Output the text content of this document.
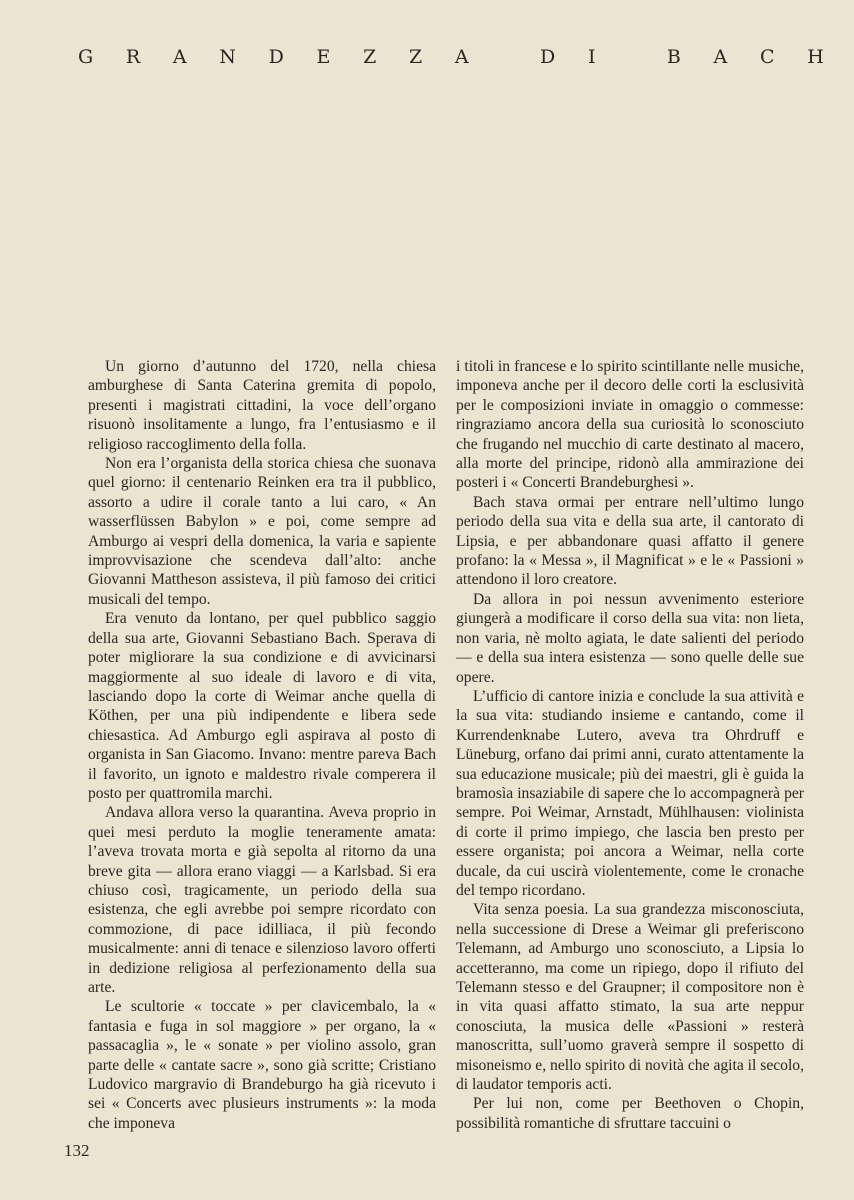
G R A N D E Z Z A
	D I
	B A C H

Un giorno d’autunno del 1720, nella chiesa amburghese di Santa Caterina gremita di popolo, presenti i magistrati cittadini, la voce dell’organo risuonò insolitamente a lungo, fra l’entusiasmo e il religioso raccoglimento della folla.

Non era l’organista della storica chiesa che suonava quel giorno: il centenario Reinken era tra il pubblico, assorto a udire il corale tanto a lui caro, « An wasserflüssen Babylon » e poi, come sempre ad Amburgo ai vespri della domenica, la varia e sapiente improvvisazione che scendeva dall’alto: anche Giovanni Mattheson assisteva, il più famoso dei critici musicali del tempo.

Era venuto da lontano, per quel pubblico saggio della sua arte, Giovanni Sebastiano Bach. Sperava di poter migliorare la sua condizione e di avvicinarsi maggiormente al suo ideale di lavoro e di vita, lasciando dopo la corte di Weimar anche quella di Köthen, per una più indipendente e libera sede chiesastica. Ad Amburgo egli aspirava al posto di organista in San Giacomo. Invano: mentre pareva Bach il favorito, un ignoto e maldestro rivale comperera il posto per quattromila marchi.

Andava allora verso la quarantina. Aveva proprio in quei mesi perduto la moglie teneramente amata: l’aveva trovata morta e già sepolta al ritorno da una breve gita — allora erano viaggi — a Karlsbad. Si era chiuso così, tragicamente, un periodo della sua esistenza, che egli avrebbe poi sempre ricordato con commozione, di pace idilliaca, il più fecondo musicalmente: anni di tenace e silenzioso lavoro offerti in dedizione religiosa al perfezionamento della sua arte.

Le scultorie « toccate » per clavicembalo, la « fantasia e fuga in sol maggiore » per organo, la « passacaglia », le « sonate » per violino assolo, gran parte delle « cantate sacre », sono già scritte; Cristiano Ludovico margravio di Brandeburgo ha già ricevuto i sei « Concerts avec plusieurs instruments »: la moda che imponeva

i titoli in francese e lo spirito scintillante nelle musiche, imponeva anche per il decoro delle corti la esclusività per le composizioni inviate in omaggio o commesse: ringraziamo ancora della sua curiosità lo sconosciuto che frugando nel mucchio di carte destinato al macero, alla morte del principe, ridonò alla ammirazione dei posteri i « Concerti Brandeburghesi ».

Bach stava ormai per entrare nell’ultimo lungo periodo della sua vita e della sua arte, il cantorato di Lipsia, e per abbandonare quasi affatto il genere profano: la « Messa », il Magnificat » e le « Passioni » attendono il loro creatore.

Da allora in poi nessun avvenimento esteriore giungerà a modificare il corso della sua vita: non lieta, non varia, nè molto agiata, le date salienti del periodo — e della sua intera esistenza — sono quelle delle sue opere.

L’ufficio di cantore inizia e conclude la sua attività e la sua vita: studiando insieme e cantando, come il Kurrendenknabe Lutero, aveva tra Ohrdruff e Lüneburg, orfano dai primi anni, curato attentamente la sua educazione musicale; più dei maestri, gli è guida la bramosìa insaziabile di sapere che lo accompagnerà per sempre. Poi Weimar, Arnstadt, Mühlhausen: violinista di corte il primo impiego, che lascia ben presto per essere organista; poi ancora a Weimar, nella corte ducale, da cui uscirà violentemente, come le cronache del tempo ricordano.

Vita senza poesia. La sua grandezza misconosciuta, nella successione di Drese a Weimar gli preferiscono Telemann, ad Amburgo uno sconosciuto, a Lipsia lo accetteranno, ma come un ripiego, dopo il rifiuto del Telemann stesso e del Graupner; il compositore non è in vita quasi affatto stimato, la sua arte neppur conosciuta, la musica delle «Passioni » resterà manoscritta, sull’uomo graverà sempre il sospetto di misoneismo e, nello spirito di novità che agita il secolo, di laudator temporis acti.

Per lui non, come per Beethoven o Chopin, possibilità romantiche di sfruttare taccuini o

132
